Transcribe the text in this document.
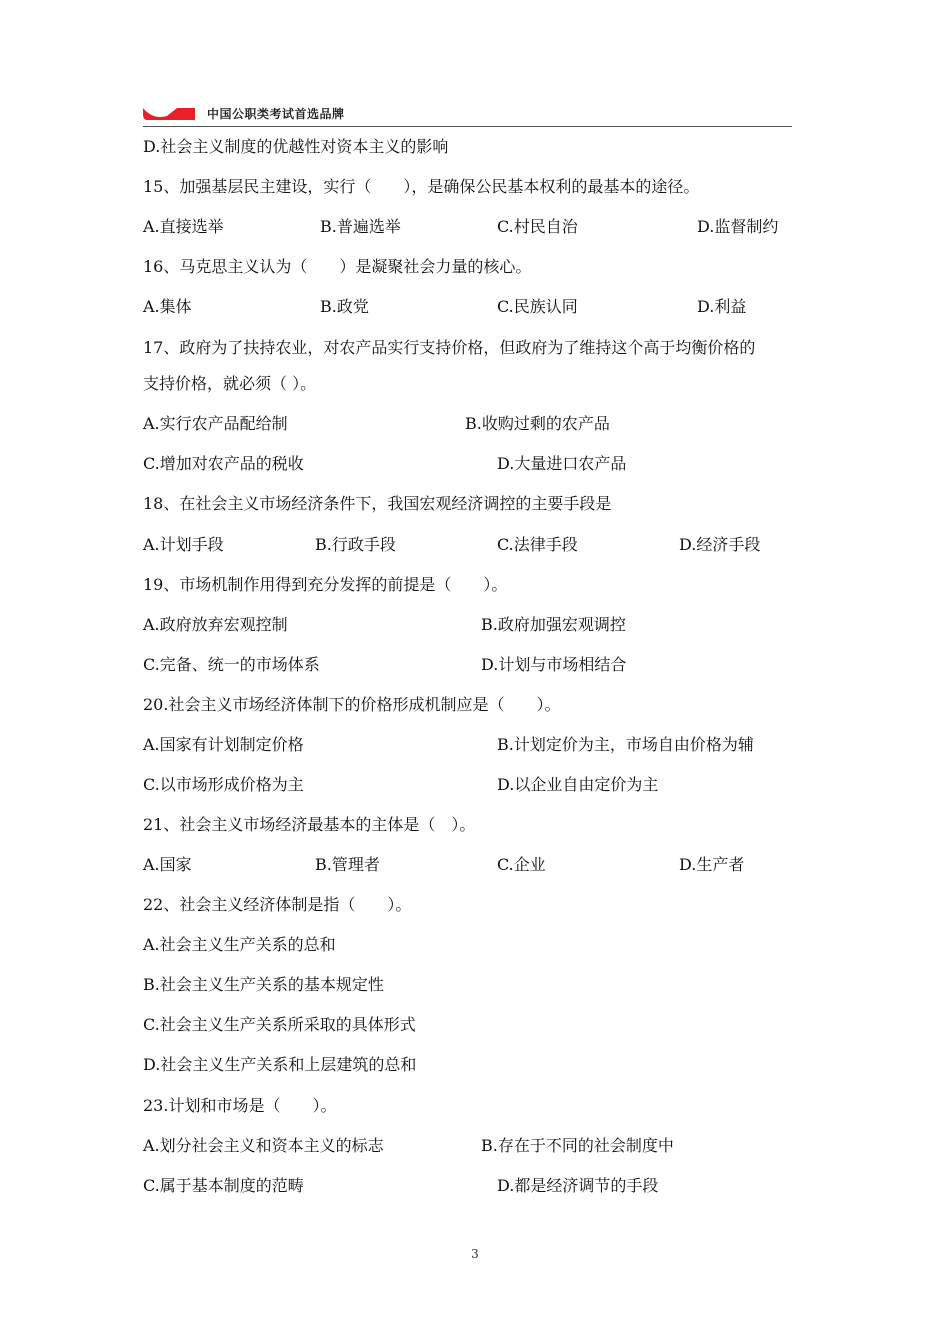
中国公职类考试首选品牌
D.社会主义制度的优越性对资本主义的影响
15、加强基层民主建设，实行（　　），是确保公民基本权利的最基本的途径。
A.直接选举	B.普遍选举	C.村民自治	D.监督制约
16、马克思主义认为（　　）是凝聚社会力量的核心。
A.集体	B.政党	C.民族认同	D.利益
17、政府为了扶持农业，对农产品实行支持价格，但政府为了维持这个高于均衡价格的
支持价格，就必须（ ）。
A.实行农产品配给制	B.收购过剩的农产品
C.增加对农产品的税收	D.大量进口农产品
18、在社会主义市场经济条件下，我国宏观经济调控的主要手段是
A.计划手段	B.行政手段	C.法律手段	D.经济手段
19、市场机制作用得到充分发挥的前提是（　　）。
A.政府放弃宏观控制	B.政府加强宏观调控
C.完备、统一的市场体系	D.计划与市场相结合
20.社会主义市场经济体制下的价格形成机制应是（　　）。
A.国家有计划制定价格	B.计划定价为主，市场自由价格为辅
C.以市场形成价格为主	D.以企业自由定价为主
21、社会主义市场经济最基本的主体是（　）。
A.国家	B.管理者	C.企业	D.生产者
22、社会主义经济体制是指（　　）。
A.社会主义生产关系的总和
B.社会主义生产关系的基本规定性
C.社会主义生产关系所采取的具体形式
D.社会主义生产关系和上层建筑的总和
23.计划和市场是（　　）。
A.划分社会主义和资本主义的标志	B.存在于不同的社会制度中
C.属于基本制度的范畴	D.都是经济调节的手段
3
